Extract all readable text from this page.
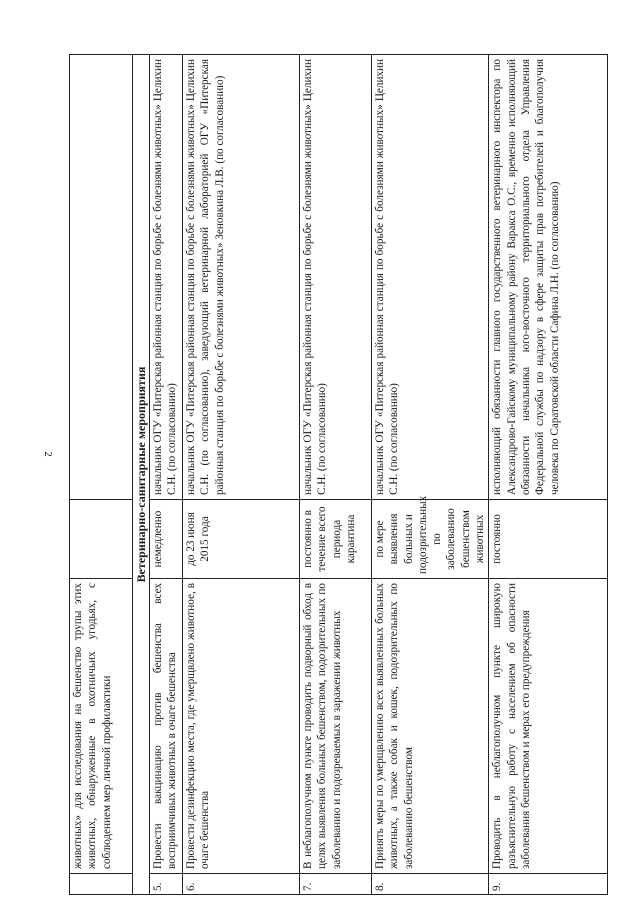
2
	животных» для исследования на бешенство трупы этих животных, обнаруженные в охотничьих угодьях, с соблюдением мер личной профилактики		
Ветеринарно-санитарные мероприятия			
5.	Провести вакцинацию против бешенства всех восприимчивых животных в очаге бешенства	немедленно	начальник ОГУ «Питерская районная станция по борьбе с болезнями животных» Целихин С.Н. (по согласованию)
6.	Провести дезинфекцию места, где умерщвлено животное, в очаге бешенства	до 23 июня 2015 года	начальник ОГУ «Питерская районная станция по борьбе с болезнями животных» Целихин С.Н. (по согласованию), заведующий ветеринарной лабораторией ОГУ «Питерская районная станция по борьбе с болезнями животных» Зеновкина Л.В. (по согласованию)
7.	В неблагополучном пункте проводить подворный обход в целях выявления больных бешенством, подозрительных по заболеванию и подозреваемых в заражении животных	постоянно в течение всего периода карантина	начальник ОГУ «Питерская районная станция по борьбе с болезнями животных» Целихин С.Н. (по согласованию)
8.	Принять меры по умерщвлению всех выявленных больных животных, а также собак и кошек, подозрительных по заболеванию бешенством	по мере выявления больных и подозрительных по заболеванию бешенством животных	начальник ОГУ «Питерская районная станция по борьбе с болезнями животных» Целихин С.Н. (по согласованию)
9.	Проводить в неблагополучном пункте широкую разъяснительную работу с населением об опасности заболевания бешенством и мерах его предупреждения	постоянно	исполняющий обязанности главного государственного ветеринарного инспектора по Александрово-Гайскому муниципальному району Варакса О.С., временно исполняющий обязанности начальника юго-восточного территориального отдела Управления Федеральной службы по надзору в сфере защиты прав потребителей и благополучия человека по Саратовской области Сафина Л.Н. (по согласованию)
